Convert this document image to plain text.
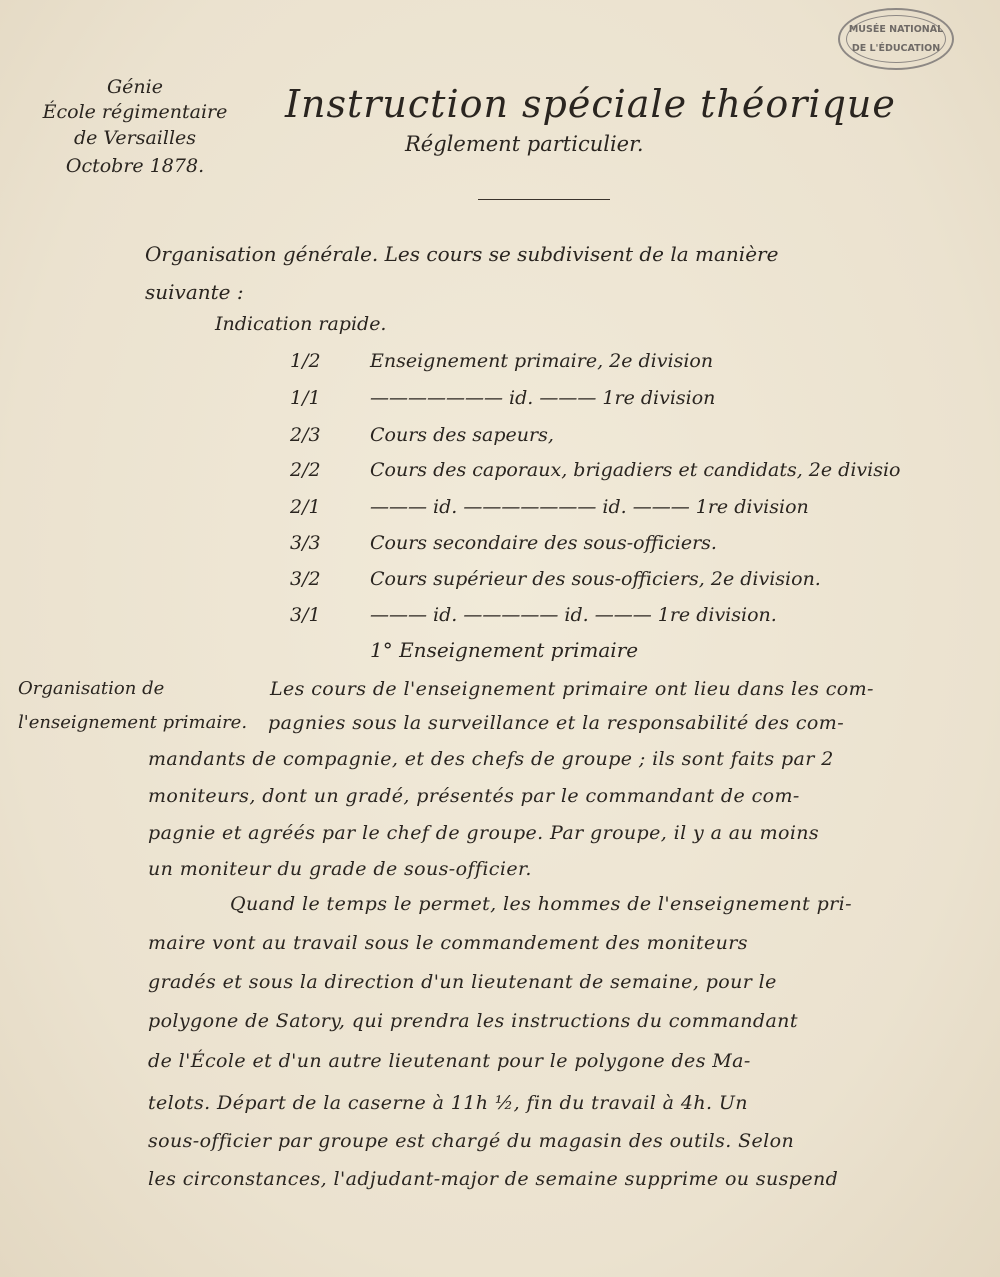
MUSÉE NATIONAL
DE L'ÉDUCATION
Génie
École régimentaire
de Versailles
Octobre 1878.
Instruction spéciale théorique
Réglement particulier.
Organisation générale. Les cours se subdivisent de la manière
suivante :
Indication rapide.
1/2	Enseignement primaire, 2e division
1/1	——————— id. ——— 1re division
2/3	Cours des sapeurs,
2/2	Cours des caporaux, brigadiers et candidats, 2e divisio
2/1	——— id. ——————— id. ——— 1re division
3/3	Cours secondaire des sous-officiers.
3/2	Cours supérieur des sous-officiers, 2e division.
3/1	——— id. ————— id. ——— 1re division.
1° Enseignement primaire
Organisation de
l'enseignement primaire.
Les cours de l'enseignement primaire ont lieu dans les com-
pagnies sous la surveillance et la responsabilité des com-
mandants de compagnie, et des chefs de groupe ; ils sont faits par 2
moniteurs, dont un gradé, présentés par le commandant de com-
pagnie et agréés par le chef de groupe. Par groupe, il y a au moins
un moniteur du grade de sous-officier.
Quand le temps le permet, les hommes de l'enseignement pri-
maire vont au travail sous le commandement des moniteurs
gradés et sous la direction d'un lieutenant de semaine, pour le
polygone de Satory, qui prendra les instructions du commandant
de l'École et d'un autre lieutenant pour le polygone des Ma-
telots. Départ de la caserne à 11h ½, fin du travail à 4h. Un
sous-officier par groupe est chargé du magasin des outils. Selon
les circonstances, l'adjudant-major de semaine supprime ou suspend
